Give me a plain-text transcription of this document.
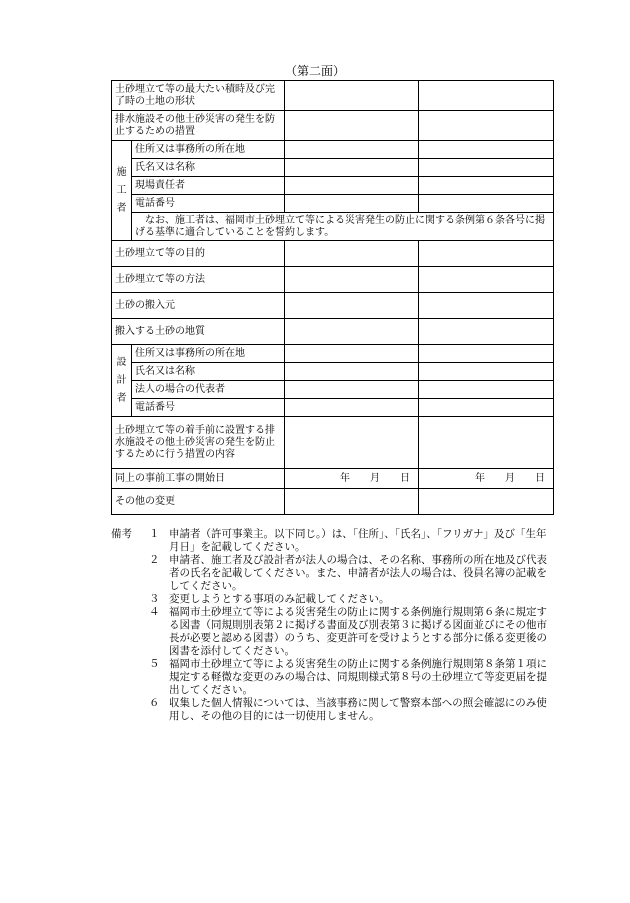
（第二面）
土砂埋立て等の最大たい積時及び完了時の土地の形状			
排水施設その他土砂災害の発生を防止するための措置			

施
工
者	住所又は事務所の所在地		
	氏名又は名称		
	現場責任者		
	電話番号		
	なお、施工者は、福岡市土砂埋立て等による災害発生の防止に関する条例第６条各号に掲げる基準に適合していることを誓約します。		
土砂埋立て等の目的			
土砂埋立て等の方法			
土砂の搬入元			
搬入する土砂の地質			

設
計
者	住所又は事務所の所在地		
	氏名又は名称		
	法人の場合の代表者		
	電話番号		
土砂埋立て等の着手前に設置する排水施設その他土砂災害の発生を防止するために行う措置の内容			
同上の事前工事の開始日		年　　月　　日	年　　月　　日
その他の変更			
備考 １ 申請者（許可事業主。以下同じ。）は、「住所」、「氏名」、「フリガナ」及び「生年月日」を記載してください。
２ 申請者、施工者及び設計者が法人の場合は、その名称、事務所の所在地及び代表者の氏名を記載してください。また、申請者が法人の場合は、役員名簿の記載をしてください。
３ 変更しようとする事項のみ記載してください。
４ 福岡市土砂埋立て等による災害発生の防止に関する条例施行規則第６条に規定する図書（同規則別表第２に掲げる書面及び別表第３に掲げる図面並びにその他市長が必要と認める図書）のうち、変更許可を受けようとする部分に係る変更後の図書を添付してください。
５ 福岡市土砂埋立て等による災害発生の防止に関する条例施行規則第８条第１項に規定する軽微な変更のみの場合は、同規則様式第８号の土砂埋立て等変更届を提出してください。
６ 収集した個人情報については、当該事務に関して警察本部への照会確認にのみ使用し、その他の目的には一切使用しません。
